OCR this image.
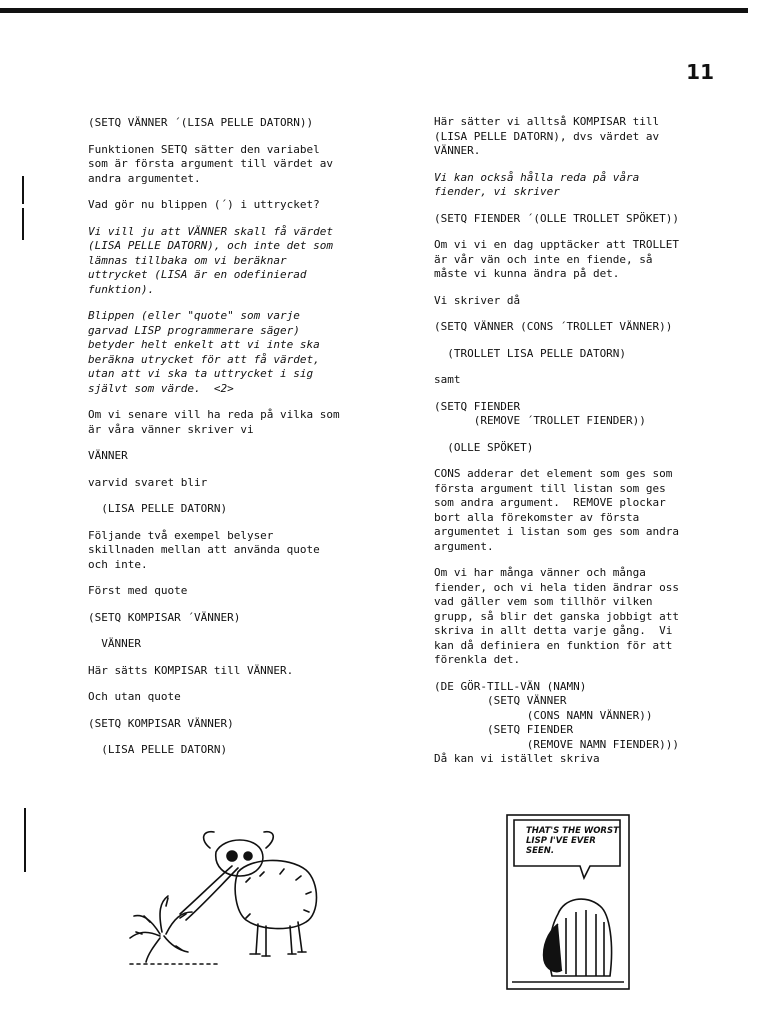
11

(SETQ VÄNNER ´(LISA PELLE DATORN))

Funktionen SETQ sätter den variabel
som är första argument till värdet av
andra argumentet.

Vad gör nu blippen (´) i uttrycket?

Vi vill ju att VÄNNER skall få värdet
(LISA PELLE DATORN), och inte det som
lämnas tillbaka om vi beräknar
uttrycket (LISA är en odefinierad
funktion).

Blippen (eller "quote" som varje
garvad LISP programmerare säger)
betyder helt enkelt att vi inte ska
beräkna utrycket för att få värdet,
utan att vi ska ta uttrycket i sig
självt som värde.  <2>

Om vi senare vill ha reda på vilka som
är våra vänner skriver vi

VÄNNER

varvid svaret blir

(LISA PELLE DATORN)

Följande två exempel belyser
skillnaden mellan att använda quote
och inte.

Först med quote

(SETQ KOMPISAR ´VÄNNER)

VÄNNER

Här sätts KOMPISAR till VÄNNER.

Och utan quote

(SETQ KOMPISAR VÄNNER)

(LISA PELLE DATORN)

Här sätter vi alltså KOMPISAR till
(LISA PELLE DATORN), dvs värdet av
VÄNNER.

Vi kan också hålla reda på våra
fiender, vi skriver

(SETQ FIENDER ´(OLLE TROLLET SPÖKET))

Om vi vi en dag upptäcker att TROLLET
är vår vän och inte en fiende, så
måste vi kunna ändra på det.

Vi skriver då

(SETQ VÄNNER (CONS ´TROLLET VÄNNER))

(TROLLET LISA PELLE DATORN)

samt

(SETQ FIENDER
(REMOVE ´TROLLET FIENDER))

(OLLE SPÖKET)

CONS adderar det element som ges som
första argument till listan som ges
som andra argument.  REMOVE plockar
bort alla förekomster av första
argumentet i listan som ges som andra
argument.

Om vi har många vänner och många
fiender, och vi hela tiden ändrar oss
vad gäller vem som tillhör vilken
grupp, så blir det ganska jobbigt att
skriva in allt detta varje gång.  Vi
kan då definiera en funktion för att
förenkla det.

(DE GÖR-TILL-VÄN (NAMN)
(SETQ VÄNNER
(CONS NAMN VÄNNER))
(SETQ FIENDER
(REMOVE NAMN FIENDER)))

Då kan vi istället skriva

THAT'S THE WORST
LISP I'VE EVER
SEEN.
